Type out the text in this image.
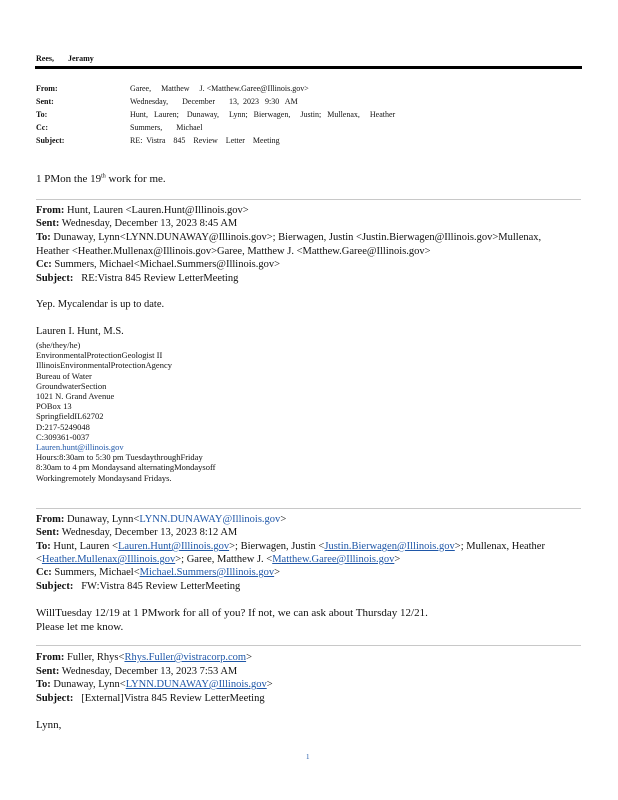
Rees, Jeramy
From:	Garee,     Matthew     J. <Matthew.Garee@Illinois.gov>
Sent:	Wednesday,       December       13,  2023   9:30   AM
To:	Hunt,   Lauren;    Dunaway,     Lynn;   Bierwagen,     Justin;   Mullenax,     Heather
Cc:	Summers,       Michael
Subject:	RE:  Vistra    845    Review    Letter    Meeting
1 PMon the 19th work for me.
From: Hunt, Lauren <Lauren.Hunt@Illinois.gov>
Sent: Wednesday, December 13, 2023 8:45 AM
To: Dunaway, Lynn<LYNN.DUNAWAY@Illinois.gov>; Bierwagen, Justin <Justin.Bierwagen@Illinois.gov>Mullenax,
Heather <Heather.Mullenax@Illinois.gov>Garee, Matthew J. <Matthew.Garee@Illinois.gov>
Cc: Summers, Michael<Michael.Summers@Illinois.gov>
Subject: RE:Vistra 845 Review LetterMeeting
Yep. Mycalendar is up to date.
Lauren I. Hunt, M.S.
(she/they/he)
EnvironmentalProtectionGeologist II
IllinoisEnvironmentalProtectionAgency
Bureau of Water
GroundwaterSection
1021 N. Grand Avenue
POBox 13
SpringfieldIL62702
D:217-5249048
C:309361-0037
Lauren.hunt@illinois.gov
Hours:8:30am to 5:30 pm TuesdaythroughFriday
8:30am to 4 pm Mondaysand alternatingMondaysoff
Workingremotely Mondaysand Fridays.
From: Dunaway, Lynn<LYNN.DUNAWAY@Illinois.gov>
Sent: Wednesday, December 13, 2023 8:12 AM
To: Hunt, Lauren <Lauren.Hunt@Illinois.gov>; Bierwagen, Justin <Justin.Bierwagen@Illinois.gov>; Mullenax, Heather
<Heather.Mullenax@Illinois.gov>; Garee, Matthew J. <Matthew.Garee@Illinois.gov>
Cc: Summers, Michael<Michael.Summers@Illinois.gov>
Subject: FW:Vistra 845 Review LetterMeeting
WillTuesday 12/19 at 1 PMwork for all of you? If not, we can ask about Thursday 12/21.
Please let me know.
From: Fuller, Rhys<Rhys.Fuller@vistracorp.com>
Sent: Wednesday, December 13, 2023 7:53 AM
To: Dunaway, Lynn<LYNN.DUNAWAY@Illinois.gov>
Subject: [External]Vistra 845 Review LetterMeeting
Lynn,
1
